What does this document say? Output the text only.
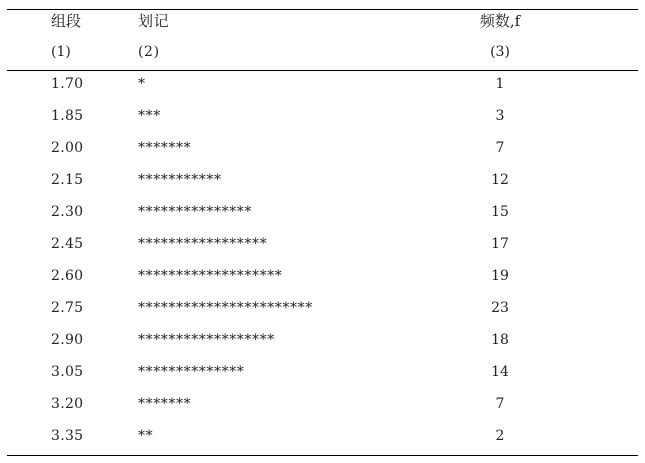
组段	划记	频数,f
(1)	(2)	(3)
1.70	*	1
1.85	***	3
2.00	*******	7
2.15	***********	12
2.30	***************	15
2.45	*****************	17
2.60	*******************	19
2.75	***********************	23
2.90	******************	18
3.05	**************	14
3.20	*******	7
3.35	**	2
